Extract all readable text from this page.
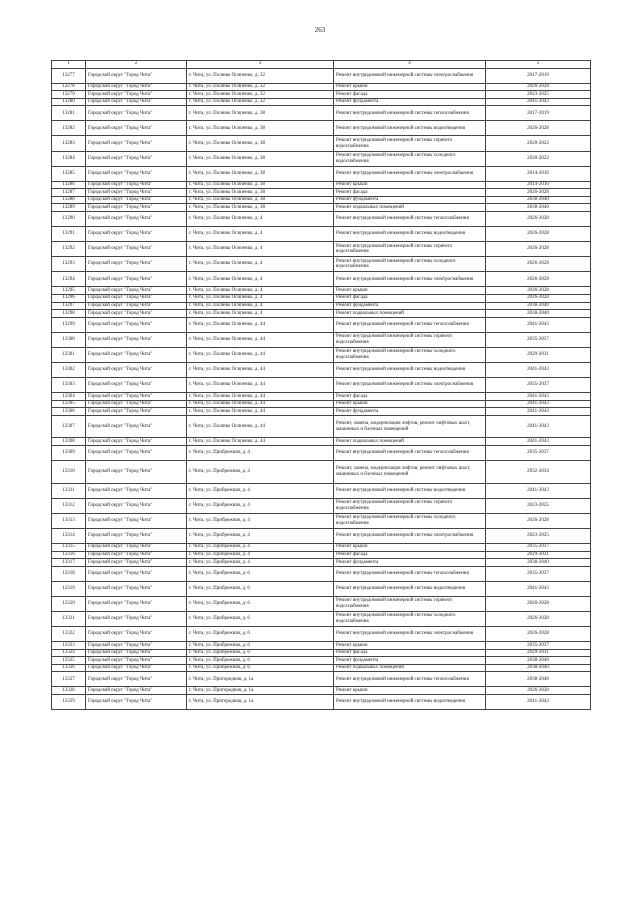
263
1	2	3	4	5
13277	Городской округ "Город Чита"	г. Чита, ул. Полины Осипенко, д. 22	Ремонт внутридомовой инженерной системы электроснабжения	2017-2019
13278	Городской округ "Город Чита"	г. Чита, ул. Полины Осипенко, д. 22	Ремонт крыши	2026-2028
13279	Городской округ "Город Чита"	г. Чита, ул. Полины Осипенко, д. 22	Ремонт фасада	2023-2025
13280	Городской округ "Город Чита"	г. Чита, ул. Полины Осипенко, д. 22	Ремонт фундамента	2041-2043
13281	Городской округ "Город Чита"	г. Чита, ул. Полины Осипенко, д. 38	Ремонт внутридомовой инженерной системы теплоснабжения	2017-2019
13282	Городской округ "Город Чита"	г. Чита, ул. Полины Осипенко, д. 38	Ремонт внутридомовой инженерной системы водоотведения	2026-2028
13283	Городской округ "Город Чита"	г. Чита, ул. Полины Осипенко, д. 38	Ремонт внутридомовой инженерной системы горячего водоснабжения	2020-2022
13284	Городской округ "Город Чита"	г. Чита, ул. Полины Осипенко, д. 38	Ремонт внутридомовой инженерной системы холодного водоснабжения	2020-2022
13285	Городской округ "Город Чита"	г. Чита, ул. Полины Осипенко, д. 38	Ремонт внутридомовой инженерной системы электроснабжения	2014-2016
13286	Городской округ "Город Чита"	г. Чита, ул. Полины Осипенко, д. 38	Ремонт крыши	2014-2016
13287	Городской округ "Город Чита"	г. Чита, ул. Полины Осипенко, д. 38	Ремонт фасада	2026-2028
13288	Городской округ "Город Чита"	г. Чита, ул. Полины Осипенко, д. 38	Ремонт фундамента	2038-2040
13289	Городской округ "Город Чита"	г. Чита, ул. Полины Осипенко, д. 38	Ремонт подвальных помещений	2038-2040
13290	Городской округ "Город Чита"	г. Чита, ул. Полины Осипенко, д. 4	Ремонт внутридомовой инженерной системы теплоснабжения	2026-2028
13291	Городской округ "Город Чита"	г. Чита, ул. Полины Осипенко, д. 4	Ремонт внутридомовой инженерной системы водоотведения	2026-2028
13292	Городской округ "Город Чита"	г. Чита, ул. Полины Осипенко, д. 4	Ремонт внутридомовой инженерной системы горячего водоснабжения	2026-2028
13293	Городской округ "Город Чита"	г. Чита, ул. Полины Осипенко, д. 4	Ремонт внутридомовой инженерной системы холодного водоснабжения	2026-2028
13294	Городской округ "Город Чита"	г. Чита, ул. Полины Осипенко, д. 4	Ремонт внутридомовой инженерной системы электроснабжения	2026-2028
13295	Городской округ "Город Чита"	г. Чита, ул. Полины Осипенко, д. 4	Ремонт крыши	2026-2028
13296	Городской округ "Город Чита"	г. Чита, ул. Полины Осипенко, д. 4	Ремонт фасада	2026-2028
13297	Городской округ "Город Чита"	г. Чита, ул. Полины Осипенко, д. 4	Ремонт фундамента	2038-2040
13298	Городской округ "Город Чита"	г. Чита, ул. Полины Осипенко, д. 4	Ремонт подвальных помещений	2038-2040
13299	Городской округ "Город Чита"	г. Чита, ул. Полины Осипенко, д. 44	Ремонт внутридомовой инженерной системы теплоснабжения	2041-2043
13300	Городской округ "Город Чита"	г. Чита, ул. Полины Осипенко, д. 44	Ремонт внутридомовой инженерной системы горячего водоснабжения	2035-2037
13301	Городской округ "Город Чита"	г. Чита, ул. Полины Осипенко, д. 44	Ремонт внутридомовой инженерной системы холодного водоснабжения	2029-2031
13302	Городской округ "Город Чита"	г. Чита, ул. Полины Осипенко, д. 44	Ремонт внутридомовой инженерной системы водоотведения	2041-2043
13303	Городской округ "Город Чита"	г. Чита, ул. Полины Осипенко, д. 44	Ремонт внутридомовой инженерной системы электроснабжения	2035-2037
13304	Городской округ "Город Чита"	г. Чита, ул. Полины Осипенко, д. 44	Ремонт фасада	2041-2043
13305	Городской округ "Город Чита"	г. Чита, ул. Полины Осипенко, д. 44	Ремонт крыши	2041-2043
13306	Городской округ "Город Чита"	г. Чита, ул. Полины Осипенко, д. 44	Ремонт фундамента	2041-2043
13307	Городской округ "Город Чита"	г. Чита, ул. Полины Осипенко, д. 44	Ремонт, замена, модернизация лифтов, ремонт лифтовых шахт, машинных и блочных помещений	2041-2043
13308	Городской округ "Город Чита"	г. Чита, ул. Полины Осипенко, д. 44	Ремонт подвальных помещений	2041-2043
13309	Городской округ "Город Чита"	г. Чита, ул. Прибрежная, д. 4	Ремонт внутридомовой инженерной системы теплоснабжения	2035-2037
13310	Городской округ "Город Чита"	г. Чита, ул. Прибрежная, д. 4	Ремонт, замена, модернизация лифтов, ремонт лифтовых шахт, машинных и блочных помещений	2032-2034
13311	Городской округ "Город Чита"	г. Чита, ул. Прибрежная, д. 4	Ремонт внутридомовой инженерной системы водоотведения	2041-2043
13312	Городской округ "Город Чита"	г. Чита, ул. Прибрежная, д. 4	Ремонт внутридомовой инженерной системы горячего водоснабжения	2023-2025
13313	Городской округ "Город Чита"	г. Чита, ул. Прибрежная, д. 4	Ремонт внутридомовой инженерной системы холодного водоснабжения	2026-2028
13314	Городской округ "Город Чита"	г. Чита, ул. Прибрежная, д. 4	Ремонт внутридомовой инженерной системы электроснабжения	2023-2025
13315	Городской округ "Город Чита"	г. Чита, ул. Прибрежная, д. 4	Ремонт крыши	2035-2037
13316	Городской округ "Город Чита"	г. Чита, ул. Прибрежная, д. 4	Ремонт фасада	2029-2031
13317	Городской округ "Город Чита"	г. Чита, ул. Прибрежная, д. 4	Ремонт фундамента	2038-2040
13318	Городской округ "Город Чита"	г. Чита, ул. Прибрежная, д. 6	Ремонт внутридомовой инженерной системы теплоснабжения	2035-2037
13319	Городской округ "Город Чита"	г. Чита, ул. Прибрежная, д. 6	Ремонт внутридомовой инженерной системы водоотведения	2041-2043
13320	Городской округ "Город Чита"	г. Чита, ул. Прибрежная, д. 6	Ремонт внутридомовой инженерной системы горячего водоснабжения	2026-2028
13321	Городской округ "Город Чита"	г. Чита, ул. Прибрежная, д. 6	Ремонт внутридомовой инженерной системы холодного водоснабжения	2026-2028
13322	Городской округ "Город Чита"	г. Чита, ул. Прибрежная, д. 6	Ремонт внутридомовой инженерной системы электроснабжения	2026-2028
13323	Городской округ "Город Чита"	г. Чита, ул. Прибрежная, д. 6	Ремонт крыши	2035-2037
13324	Городской округ "Город Чита"	г. Чита, ул. Прибрежная, д. 6	Ремонт фасада	2029-2031
13325	Городской округ "Город Чита"	г. Чита, ул. Прибрежная, д. 6	Ремонт фундамента	2038-2040
13326	Городской округ "Город Чита"	г. Чита, ул. Прибрежная, д. 6	Ремонт подвальных помещений	2038-2040
13327	Городской округ "Город Чита"	г. Чита, ул. Пригородная, д. 1а	Ремонт внутридомовой инженерной системы теплоснабжения	2038-2040
13328	Городской округ "Город Чита"	г. Чита, ул. Пригородная, д. 1а	Ремонт крыши	2026-2028
13329	Городской округ "Город Чита"	г. Чита, ул. Пригородная, д. 1а	Ремонт внутридомовой инженерной системы водоотведения	2041-2043
